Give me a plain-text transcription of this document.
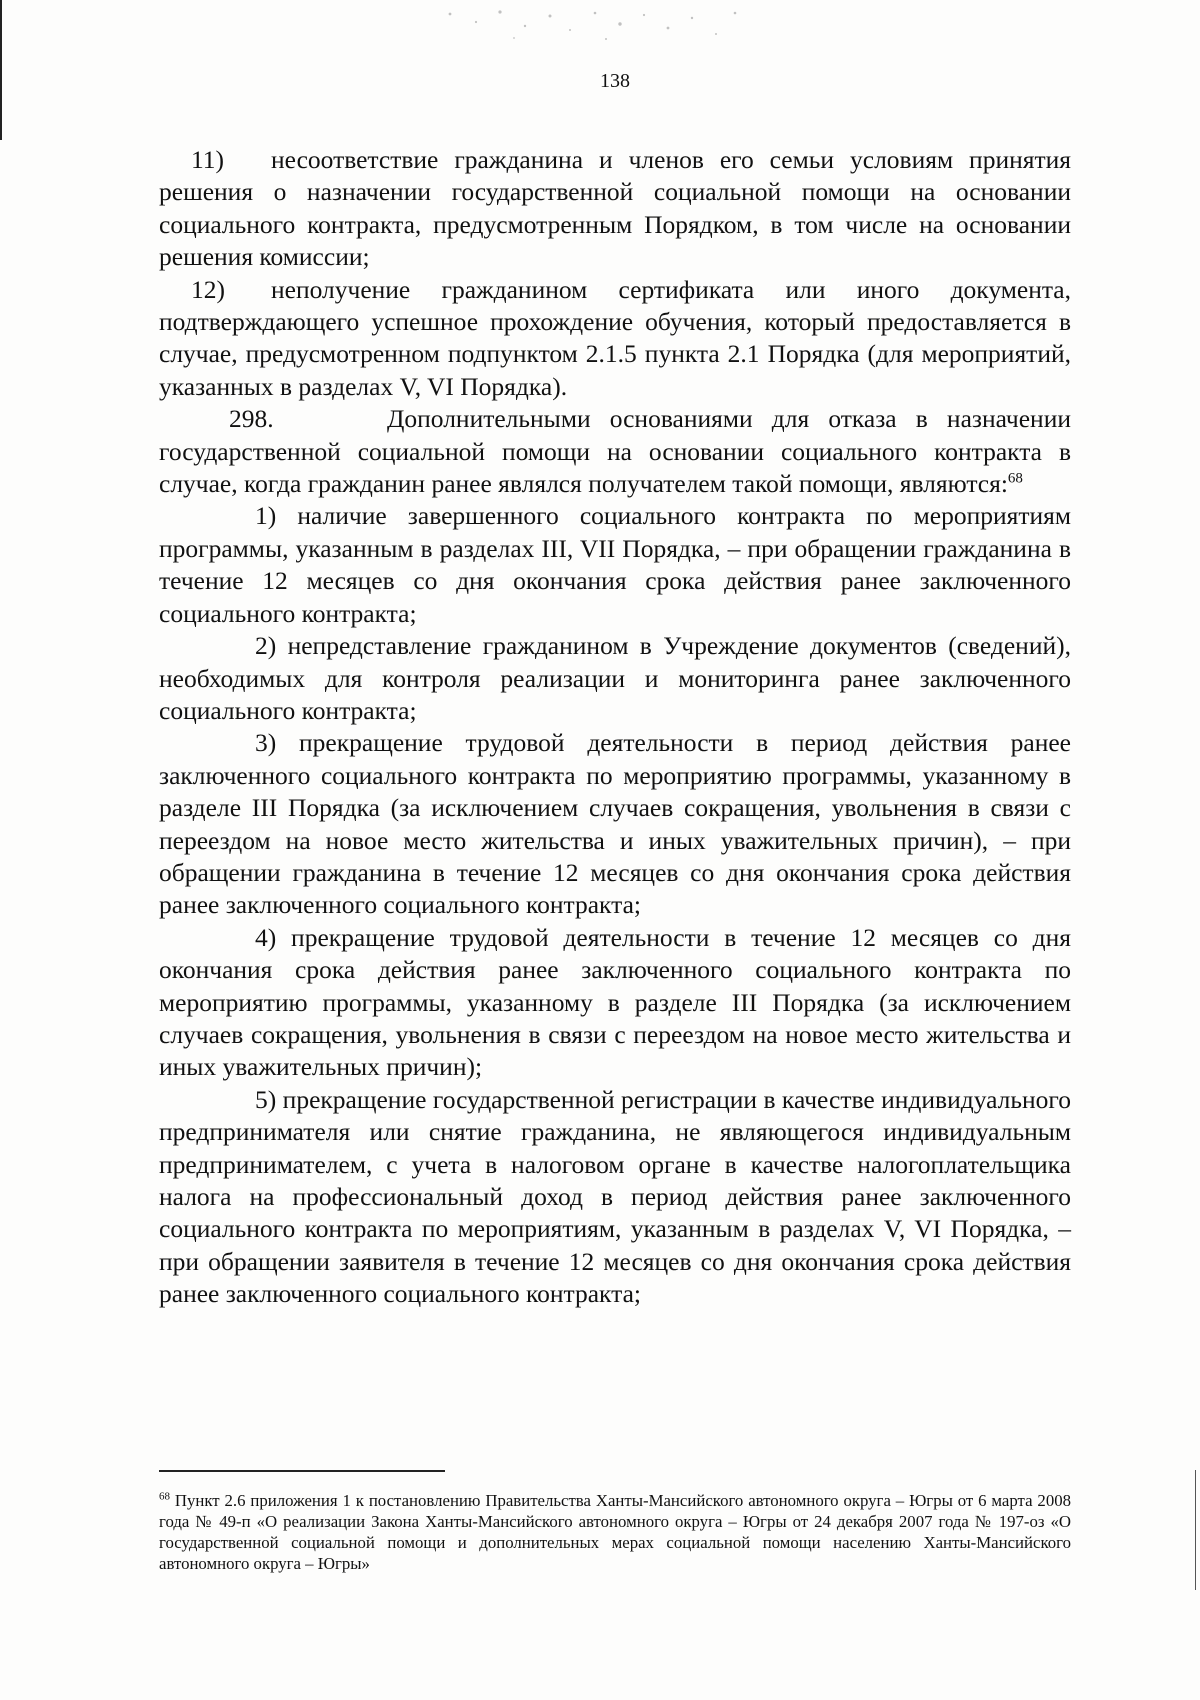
138

11) несоответствие гражданина и членов его семьи условиям принятия решения о назначении государственной социальной помощи на основании социального контракта, предусмотренным Порядком, в том числе на основании решения комиссии;

12) неполучение гражданином сертификата или иного документа, подтверждающего успешное прохождение обучения, который предоставляется в случае, предусмотренном подпунктом 2.1.5 пункта 2.1 Порядка (для мероприятий, указанных в разделах V, VI Порядка).

298.	Дополнительными основаниями для отказа в назначении государственной социальной помощи на основании социального контракта в случае, когда гражданин ранее являлся получателем такой помощи, являются:$^{68}$

1) наличие завершенного социального контракта по мероприятиям программы, указанным в разделах III, VII Порядка, – при обращении гражданина в течение 12 месяцев со дня окончания срока действия ранее заключенного социального контракта;

2) непредставление гражданином в Учреждение документов (сведений), необходимых для контроля реализации и мониторинга ранее заключенного социального контракта;

3) прекращение трудовой деятельности в период действия ранее заключенного социального контракта по мероприятию программы, указанному в разделе III Порядка (за исключением случаев сокращения, увольнения в связи с переездом на новое место жительства и иных уважительных причин), – при обращении гражданина в течение 12 месяцев со дня окончания срока действия ранее заключенного социального контракта;

4) прекращение трудовой деятельности в течение 12 месяцев со дня окончания срока действия ранее заключенного социального контракта по мероприятию программы, указанному в разделе III Порядка (за исключением случаев сокращения, увольнения в связи с переездом на новое место жительства и иных уважительных причин);

5) прекращение государственной регистрации в качестве индивидуального предпринимателя или снятие гражданина, не являющегося индивидуальным предпринимателем, с учета в налоговом органе в качестве налогоплательщика налога на профессиональный доход в период действия ранее заключенного социального контракта по мероприятиям, указанным в разделах V, VI Порядка, – при обращении заявителя в течение 12 месяцев со дня окончания срока действия ранее заключенного социального контракта;

$^{68}$ Пункт 2.6 приложения 1 к постановлению Правительства Ханты-Мансийского автономного округа – Югры от 6 марта 2008 года № 49-п «О реализации Закона Ханты-Мансийского автономного округа – Югры от 24 декабря 2007 года № 197-оз «О государственной социальной помощи и дополнительных мерах социальной помощи населению Ханты-Мансийского автономного округа – Югры»
